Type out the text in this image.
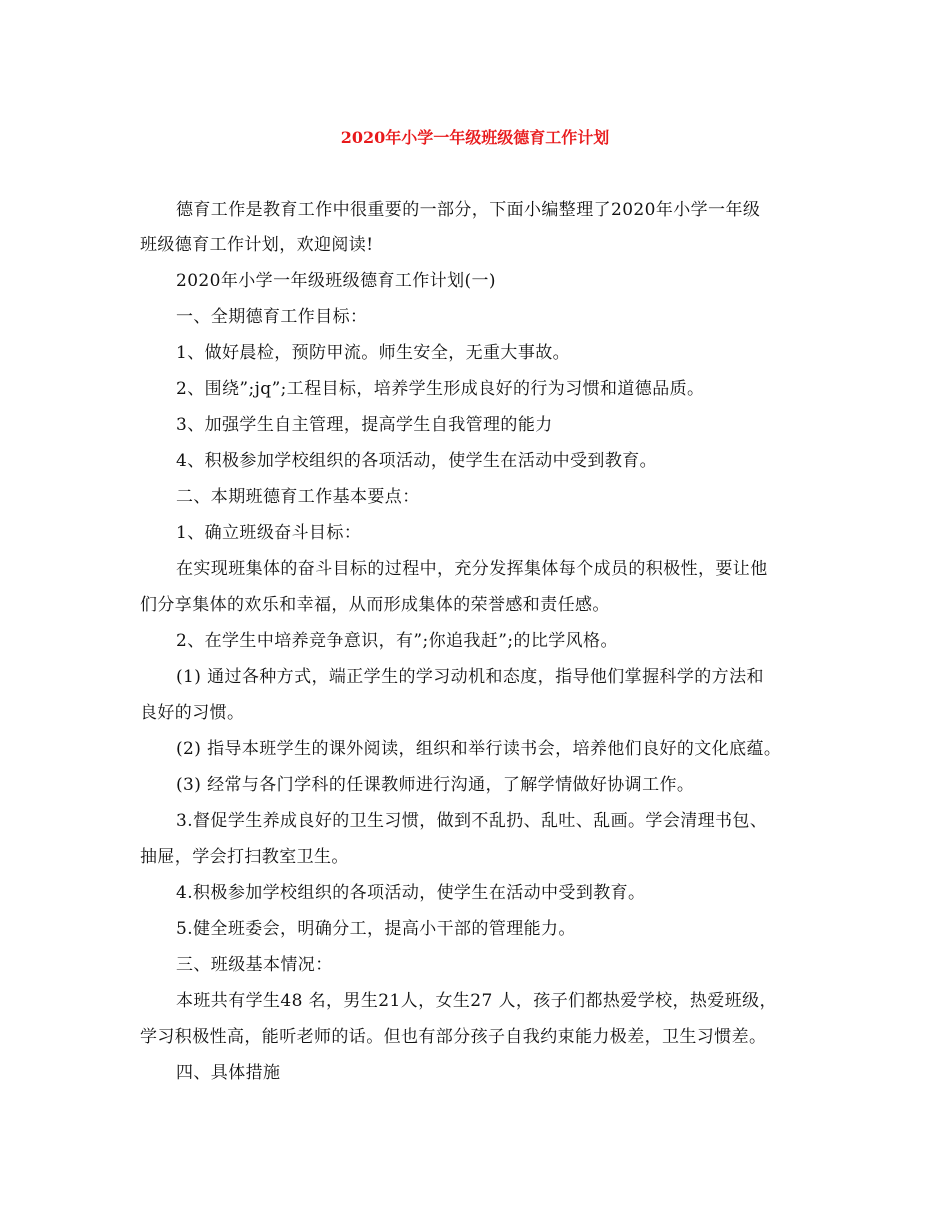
2020年小学一年级班级德育工作计划
德育工作是教育工作中很重要的一部分，下面小编整理了2020年小学一年级
班级德育工作计划，欢迎阅读!
2020年小学一年级班级德育工作计划(一)
一、全期德育工作目标：
1、做好晨检，预防甲流。师生安全，无重大事故。
2、围绕”;jq”;工程目标，培养学生形成良好的行为习惯和道德品质。
3、加强学生自主管理，提高学生自我管理的能力
4、积极参加学校组织的各项活动，使学生在活动中受到教育。
二、本期班德育工作基本要点：
1、确立班级奋斗目标：
在实现班集体的奋斗目标的过程中，充分发挥集体每个成员的积极性，要让他
们分享集体的欢乐和幸福，从而形成集体的荣誉感和责任感。
2、在学生中培养竞争意识，有”;你追我赶”;的比学风格。
(1) 通过各种方式，端正学生的学习动机和态度，指导他们掌握科学的方法和
良好的习惯。
(2) 指导本班学生的课外阅读，组织和举行读书会，培养他们良好的文化底蕴。
(3) 经常与各门学科的任课教师进行沟通，了解学情做好协调工作。
3.督促学生养成良好的卫生习惯，做到不乱扔、乱吐、乱画。学会清理书包、
抽屉，学会打扫教室卫生。
4.积极参加学校组织的各项活动，使学生在活动中受到教育。
5.健全班委会，明确分工，提高小干部的管理能力。
三、班级基本情况：
本班共有学生48 名，男生21人，女生27 人，孩子们都热爱学校，热爱班级，
学习积极性高，能听老师的话。但也有部分孩子自我约束能力极差，卫生习惯差。
四、具体措施
